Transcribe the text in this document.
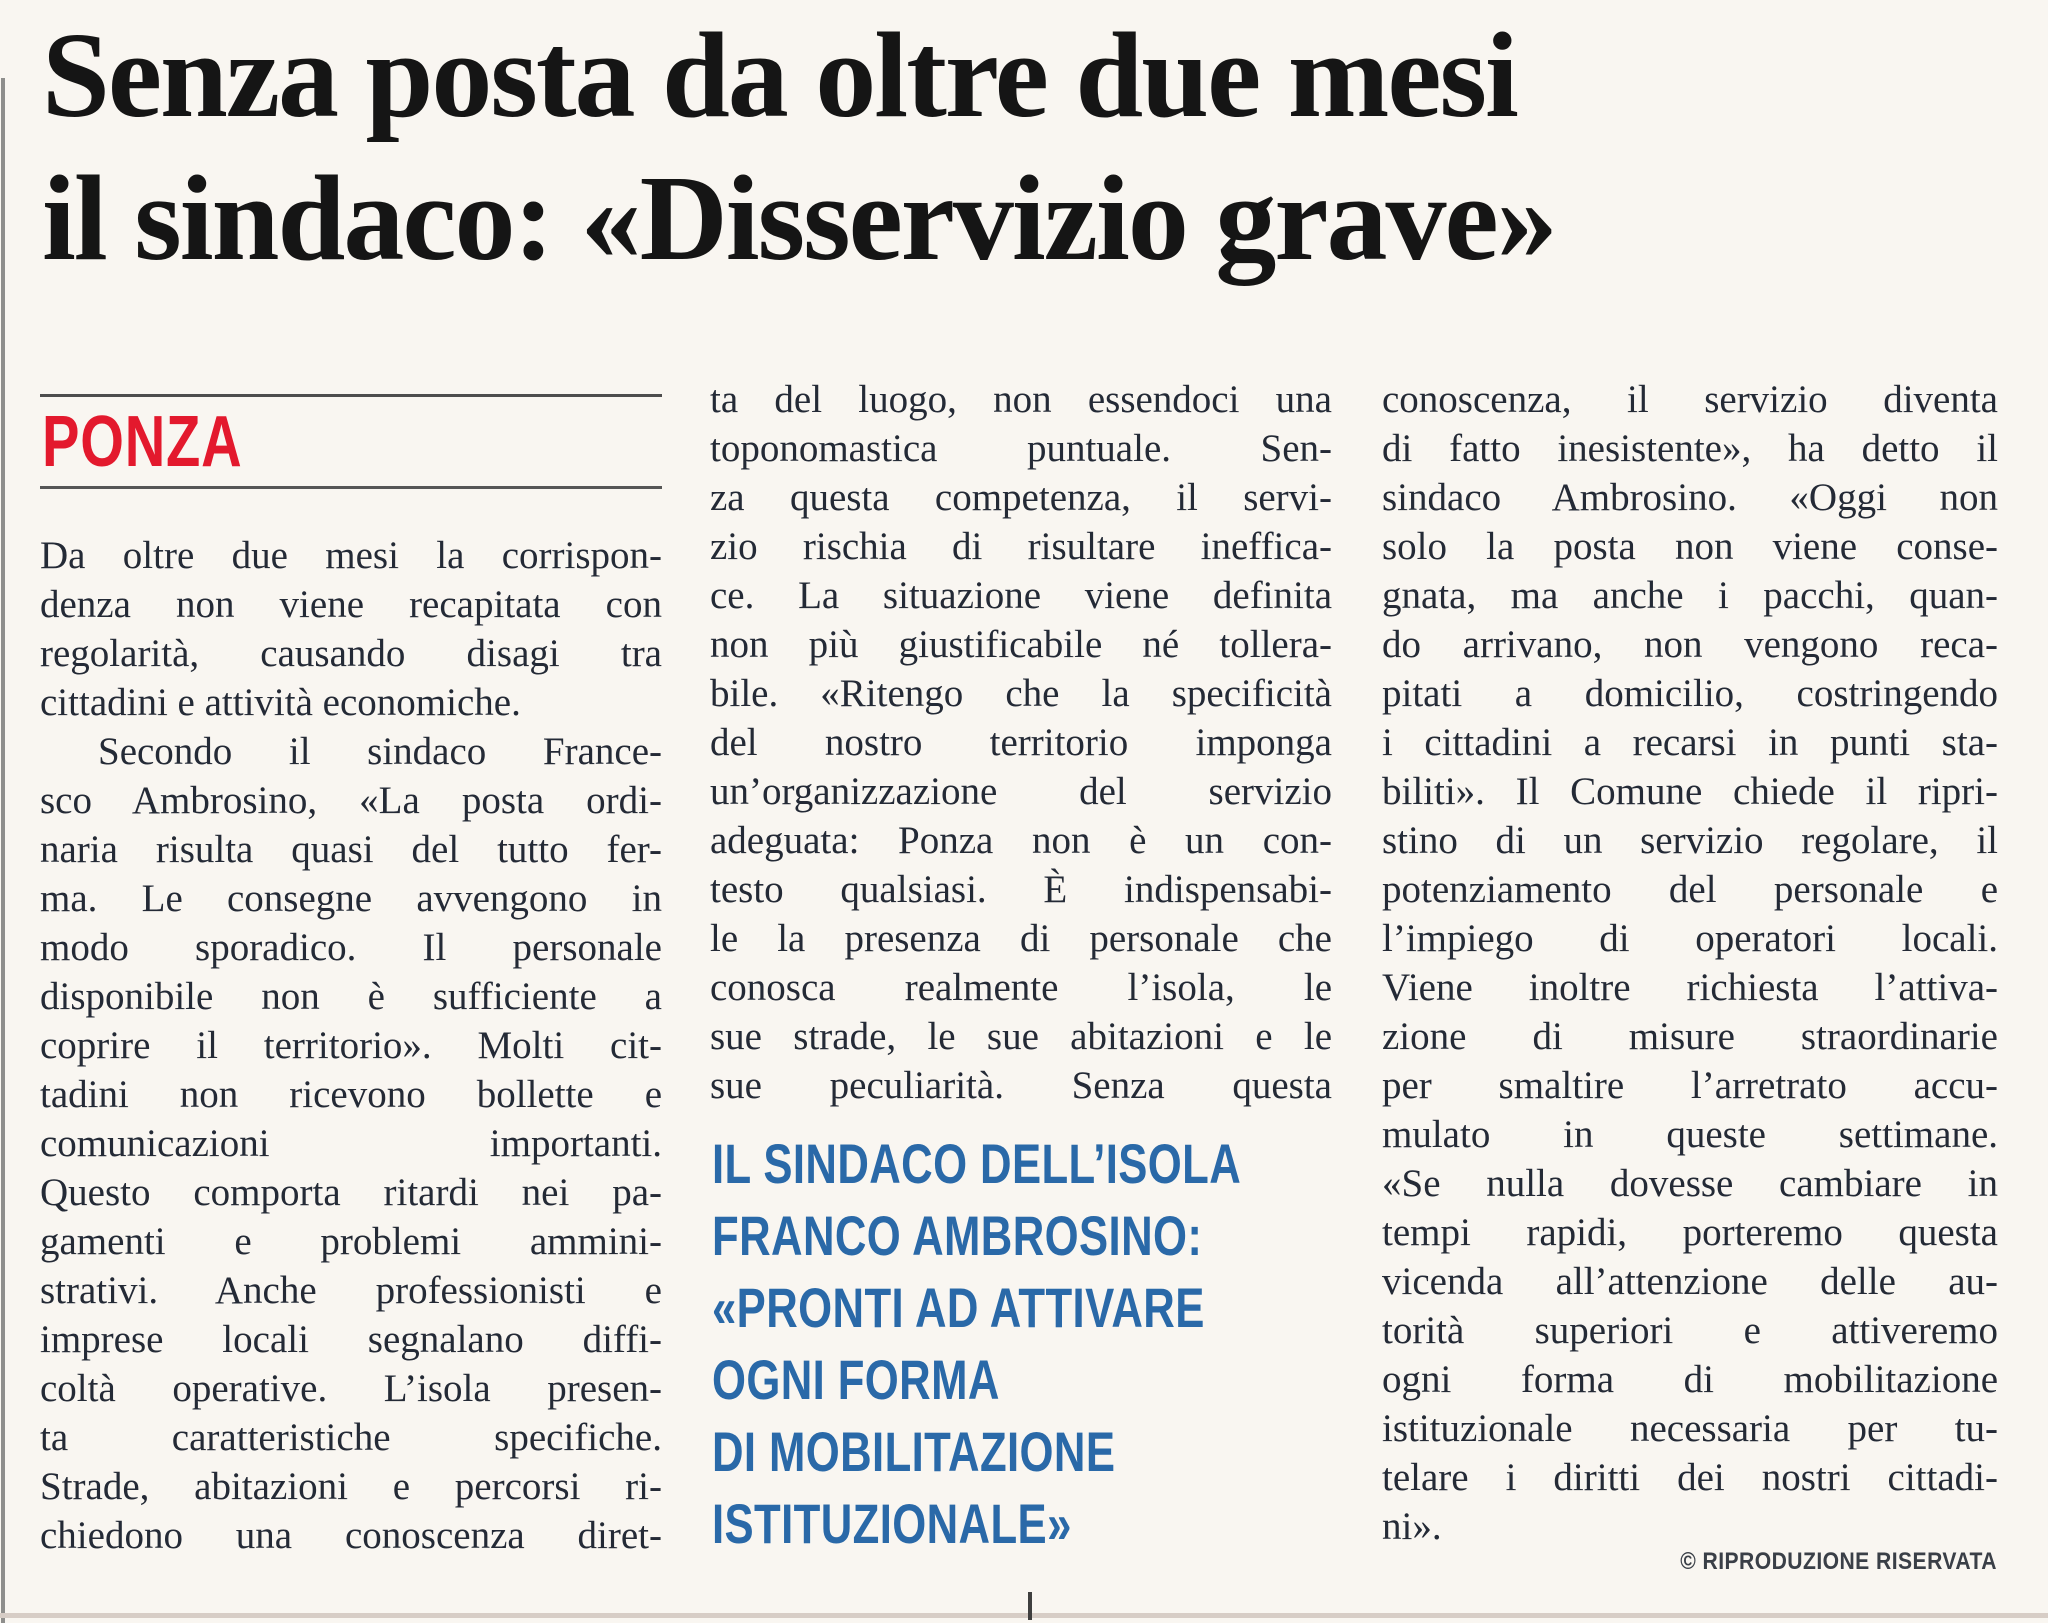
Senza posta da oltre due mesi
il sindaco: «Disservizio grave»
PONZA
Da oltre due mesi la corrispon-
denza non viene recapitata con
regolarità, causando disagi tra
cittadini e attività economiche.
Secondo il sindaco France-
sco Ambrosino, «La posta ordi-
naria risulta quasi del tutto fer-
ma. Le consegne avvengono in
modo sporadico. Il personale
disponibile non è sufficiente a
coprire il territorio». Molti cit-
tadini non ricevono bollette e
comunicazioni importanti.
Questo comporta ritardi nei pa-
gamenti e problemi ammini-
strativi. Anche professionisti e
imprese locali segnalano diffi-
coltà operative. L’isola presen-
ta caratteristiche specifiche.
Strade, abitazioni e percorsi ri-
chiedono una conoscenza diret-
ta del luogo, non essendoci una
toponomastica puntuale. Sen-
za questa competenza, il servi-
zio rischia di risultare ineffica-
ce. La situazione viene definita
non più giustificabile né tollera-
bile. «Ritengo che la specificità
del nostro territorio imponga
un’organizzazione del servizio
adeguata: Ponza non è un con-
testo qualsiasi. È indispensabi-
le la presenza di personale che
conosca realmente l’isola, le
sue strade, le sue abitazioni e le
sue peculiarità. Senza questa
conoscenza, il servizio diventa
di fatto inesistente», ha detto il
sindaco Ambrosino. «Oggi non
solo la posta non viene conse-
gnata, ma anche i pacchi, quan-
do arrivano, non vengono reca-
pitati a domicilio, costringendo
i cittadini a recarsi in punti sta-
biliti». Il Comune chiede il ripri-
stino di un servizio regolare, il
potenziamento del personale e
l’impiego di operatori locali.
Viene inoltre richiesta l’attiva-
zione di misure straordinarie
per smaltire l’arretrato accu-
mulato in queste settimane.
«Se nulla dovesse cambiare in
tempi rapidi, porteremo questa
vicenda all’attenzione delle au-
torità superiori e attiveremo
ogni forma di mobilitazione
istituzionale necessaria per tu-
telare i diritti dei nostri cittadi-
ni».
IL SINDACO DELL’ISOLA
FRANCO AMBROSINO:
«PRONTI AD ATTIVARE
OGNI FORMA
DI MOBILITAZIONE
ISTITUZIONALE»
© RIPRODUZIONE RISERVATA
